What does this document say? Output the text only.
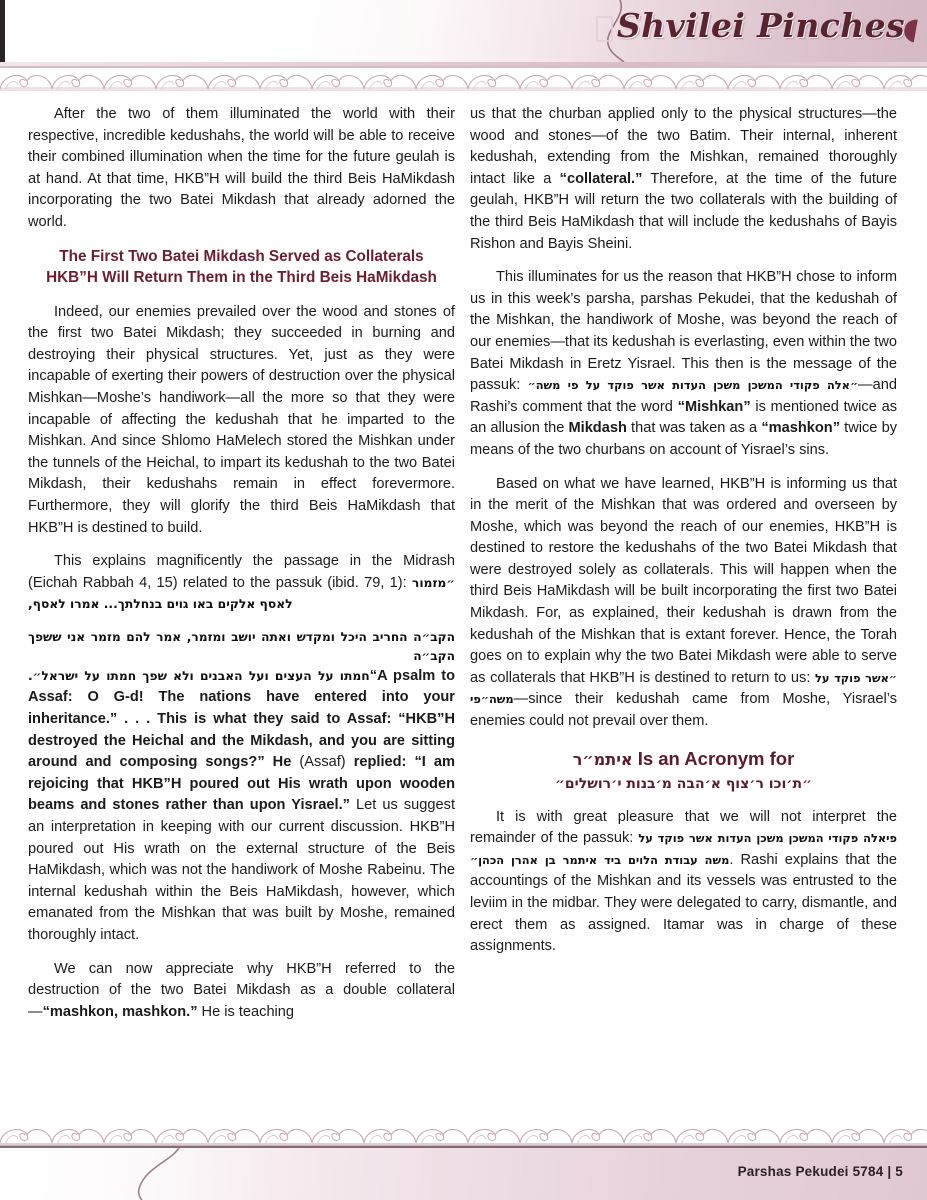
Shvilei Pinches
◖

After the two of them illuminated the world with their respective, incredible kedushahs, the world will be able to receive their combined illumination when the time for the future geulah is at hand. At that time, HKB”H will build the third Beis HaMikdash incorporating the two Batei Mikdash that already adorned the world.

The First Two Batei Mikdash Served as Collaterals
HKB”H Will Return Them in the Third Beis HaMikdash

Indeed, our enemies prevailed over the wood and stones of the first two Batei Mikdash; they succeeded in burning and destroying their physical structures. Yet, just as they were incapable of exerting their powers of destruction over the physical Mishkan—Moshe’s handiwork—all the more so that they were incapable of affecting the kedushah that he imparted to the Mishkan. And since Shlomo HaMelech stored the Mishkan under the tunnels of the Heichal, to impart its kedushah to the two Batei Mikdash, their kedushahs remain in effect forevermore. Furthermore, they will glorify the third Beis HaMikdash that HKB”H is destined to build.

This explains magnificently the passage in the Midrash (Eichah Rabbah 4, 15) related to the passuk (ibid. 79, 1): ״מזמור לאסף אלקים באו גוים בנחלתך... אמרו לאסף,

הקב״ה החריב היכל ומקדש ואתה יושב ומזמר, אמר להם מזמר אני ששפך הקב״ה

חמתו על העצים ועל האבנים ולא שפך חמתו על ישראל״.“A psalm to Assaf: O G-d! The nations have entered into your inheritance.” . . . This is what they said to Assaf: “HKB”H destroyed the Heichal and the Mikdash, and you are sitting around and composing songs?” He (Assaf) replied: “I am rejoicing that HKB”H poured out His wrath upon wooden beams and stones rather than upon Yisrael.” Let us suggest an interpretation in keeping with our current discussion. HKB”H poured out His wrath on the external structure of the Beis HaMikdash, which was not the handiwork of Moshe Rabeinu. The internal kedushah within the Beis HaMikdash, however, which emanated from the Mishkan that was built by Moshe, remained thoroughly intact.

We can now appreciate why HKB”H referred to the destruction of the two Batei Mikdash as a double collateral—“mashkon, mashkon.” He is teaching

us that the churban applied only to the physical structures—the wood and stones—of the two Batim. Their internal, inherent kedushah, extending from the Mishkan, remained thoroughly intact like a “collateral.” Therefore, at the time of the future geulah, HKB”H will return the two collaterals with the building of the third Beis HaMikdash that will include the kedushahs of Bayis Rishon and Bayis Sheini.

This illuminates for us the reason that HKB”H chose to inform us in this week’s parsha, parshas Pekudei, that the kedushah of the Mishkan, the handiwork of Moshe, was beyond the reach of our enemies—that its kedushah is everlasting, even within the two Batei Mikdash in Eretz Yisrael. This then is the message of the passuk: ״אלה פקודי המשכן משכן העדות אשר פוקד על פי משה״—and Rashi’s comment that the word “Mishkan” is mentioned twice as an allusion the Mikdash that was taken as a “mashkon” twice by means of the two churbans on account of Yisrael’s sins.

Based on what we have learned, HKB”H is informing us that in the merit of the Mishkan that was ordered and overseen by Moshe, which was beyond the reach of our enemies, HKB”H is destined to restore the kedushahs of the two Batei Mikdash that were destroyed solely as collaterals. This will happen when the third Beis HaMikdash will be built incorporating the first two Batei Mikdash. For, as explained, their kedushah is drawn from the kedushah of the Mishkan that is extant forever. Hence, the Torah goes on to explain why the two Batei Mikdash were able to serve as collaterals that HKB”H is destined to return to us: ״אשר פוקד על פימשה״—since their kedushah came from Moshe, Yisrael’s enemies could not prevail over them.

איתמ״ר Is an Acronym for
״ת׳וכו ר׳צוף א׳הבה מ׳בנות י׳רושלים״

It is with great pleasure that we will not interpret the remainder of the passuk: אלה פקודי המשכן משכן העדות אשר פוקד עלפי משה עבודת הלוים ביד איתמר בן אהרן הכהן״. Rashi explains that the accountings of the Mishkan and its vessels was entrusted to the leviim in the midbar. They were delegated to carry, dismantle, and erect them as assigned. Itamar was in charge of these assignments.

Parshas Pekudei 5784 | 5
